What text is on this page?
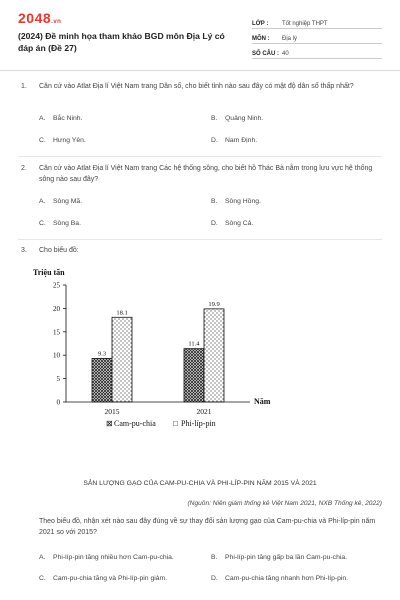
2048.vn
(2024) Đề minh họa tham khảo BGD môn Địa Lý có đáp án (Đề 27)
LỚP :	Tốt nghiệp THPT
MÔN :	Địa lý
SỐ CÂU : 40
1. Căn cứ vào Atlat Địa lí Việt Nam trang Dân số, cho biết tỉnh nào sau đây có mật độ dân số thấp nhất?
A. Bắc Ninh.	B. Quảng Ninh.
C. Hưng Yên.	D. Nam Định.
2. Căn cứ vào Atlat Địa lí Việt Nam trang Các hệ thống sông, cho biết hồ Thác Bà nằm trong lưu vực hệ thống sông nào sau đây?
A. Sông Mã.	B. Sông Hồng.
C. Sông Ba.	D. Sông Cả.
3. Cho biểu đồ:
Triệu tấn
0
5
10
15
20
25
9.3
18.1
2015
11.4
19.9
2021
Năm
⊠ Cam-pu-chia □ Phi-líp-pin
SẢN LƯỢNG GẠO CỦA CAM-PU-CHIA VÀ PHI-LÍP-PIN NĂM 2015 VÀ 2021
(Nguồn: Niên giám thống kê Việt Nam 2021, NXB Thống kê, 2022)
Theo biểu đồ, nhận xét nào sau đây đúng về sự thay đổi sản lượng gạo của Cam-pu-chia và Phi-líp-pin năm 2021 so với 2015?
A. Phi-líp-pin tăng nhiều hơn Cam-pu-chia.	B. Phi-líp-pin tăng gấp ba lần Cam-pu-chia.
C. Cam-pu-chia tăng và Phi-líp-pin giảm.	D. Cam-pu-chia tăng nhanh hơn Phi-líp-pin.
